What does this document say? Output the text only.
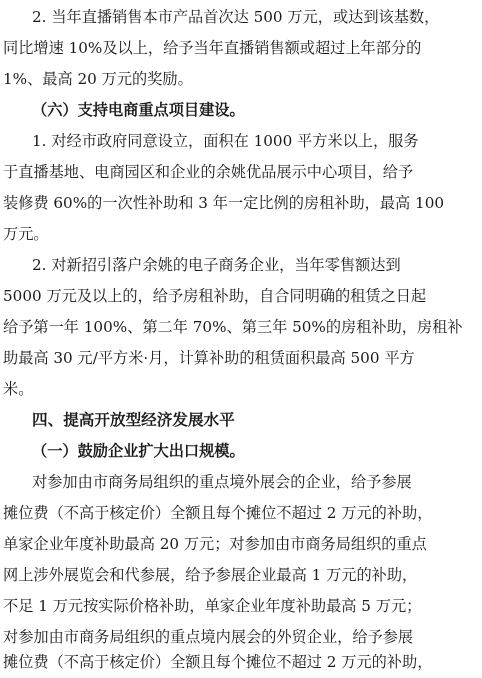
2. 当年直播销售本市产品首次达 500 万元，或达到该基数，
同比增速 10%及以上，给予当年直播销售额或超过上年部分的
1%、最高 20 万元的奖励。
（六）支持电商重点项目建设。
1. 对经市政府同意设立，面积在 1000 平方米以上，服务
于直播基地、电商园区和企业的余姚优品展示中心项目，给予
装修费 60%的一次性补助和 3 年一定比例的房租补助，最高 100
万元。
2. 对新招引落户余姚的电子商务企业，当年零售额达到
5000 万元及以上的，给予房租补助，自合同明确的租赁之日起
给予第一年 100%、第二年 70%、第三年 50%的房租补助，房租补
助最高 30 元/平方米·月，计算补助的租赁面积最高 500 平方
米。
四、提高开放型经济发展水平
（一）鼓励企业扩大出口规模。
对参加由市商务局组织的重点境外展会的企业，给予参展
摊位费（不高于核定价）全额且每个摊位不超过 2 万元的补助，
单家企业年度补助最高 20 万元；对参加由市商务局组织的重点
网上涉外展览会和代参展，给予参展企业最高 1 万元的补助，
不足 1 万元按实际价格补助，单家企业年度补助最高 5 万元；
对参加由市商务局组织的重点境内展会的外贸企业，给予参展
摊位费（不高于核定价）全额且每个摊位不超过 2 万元的补助，
